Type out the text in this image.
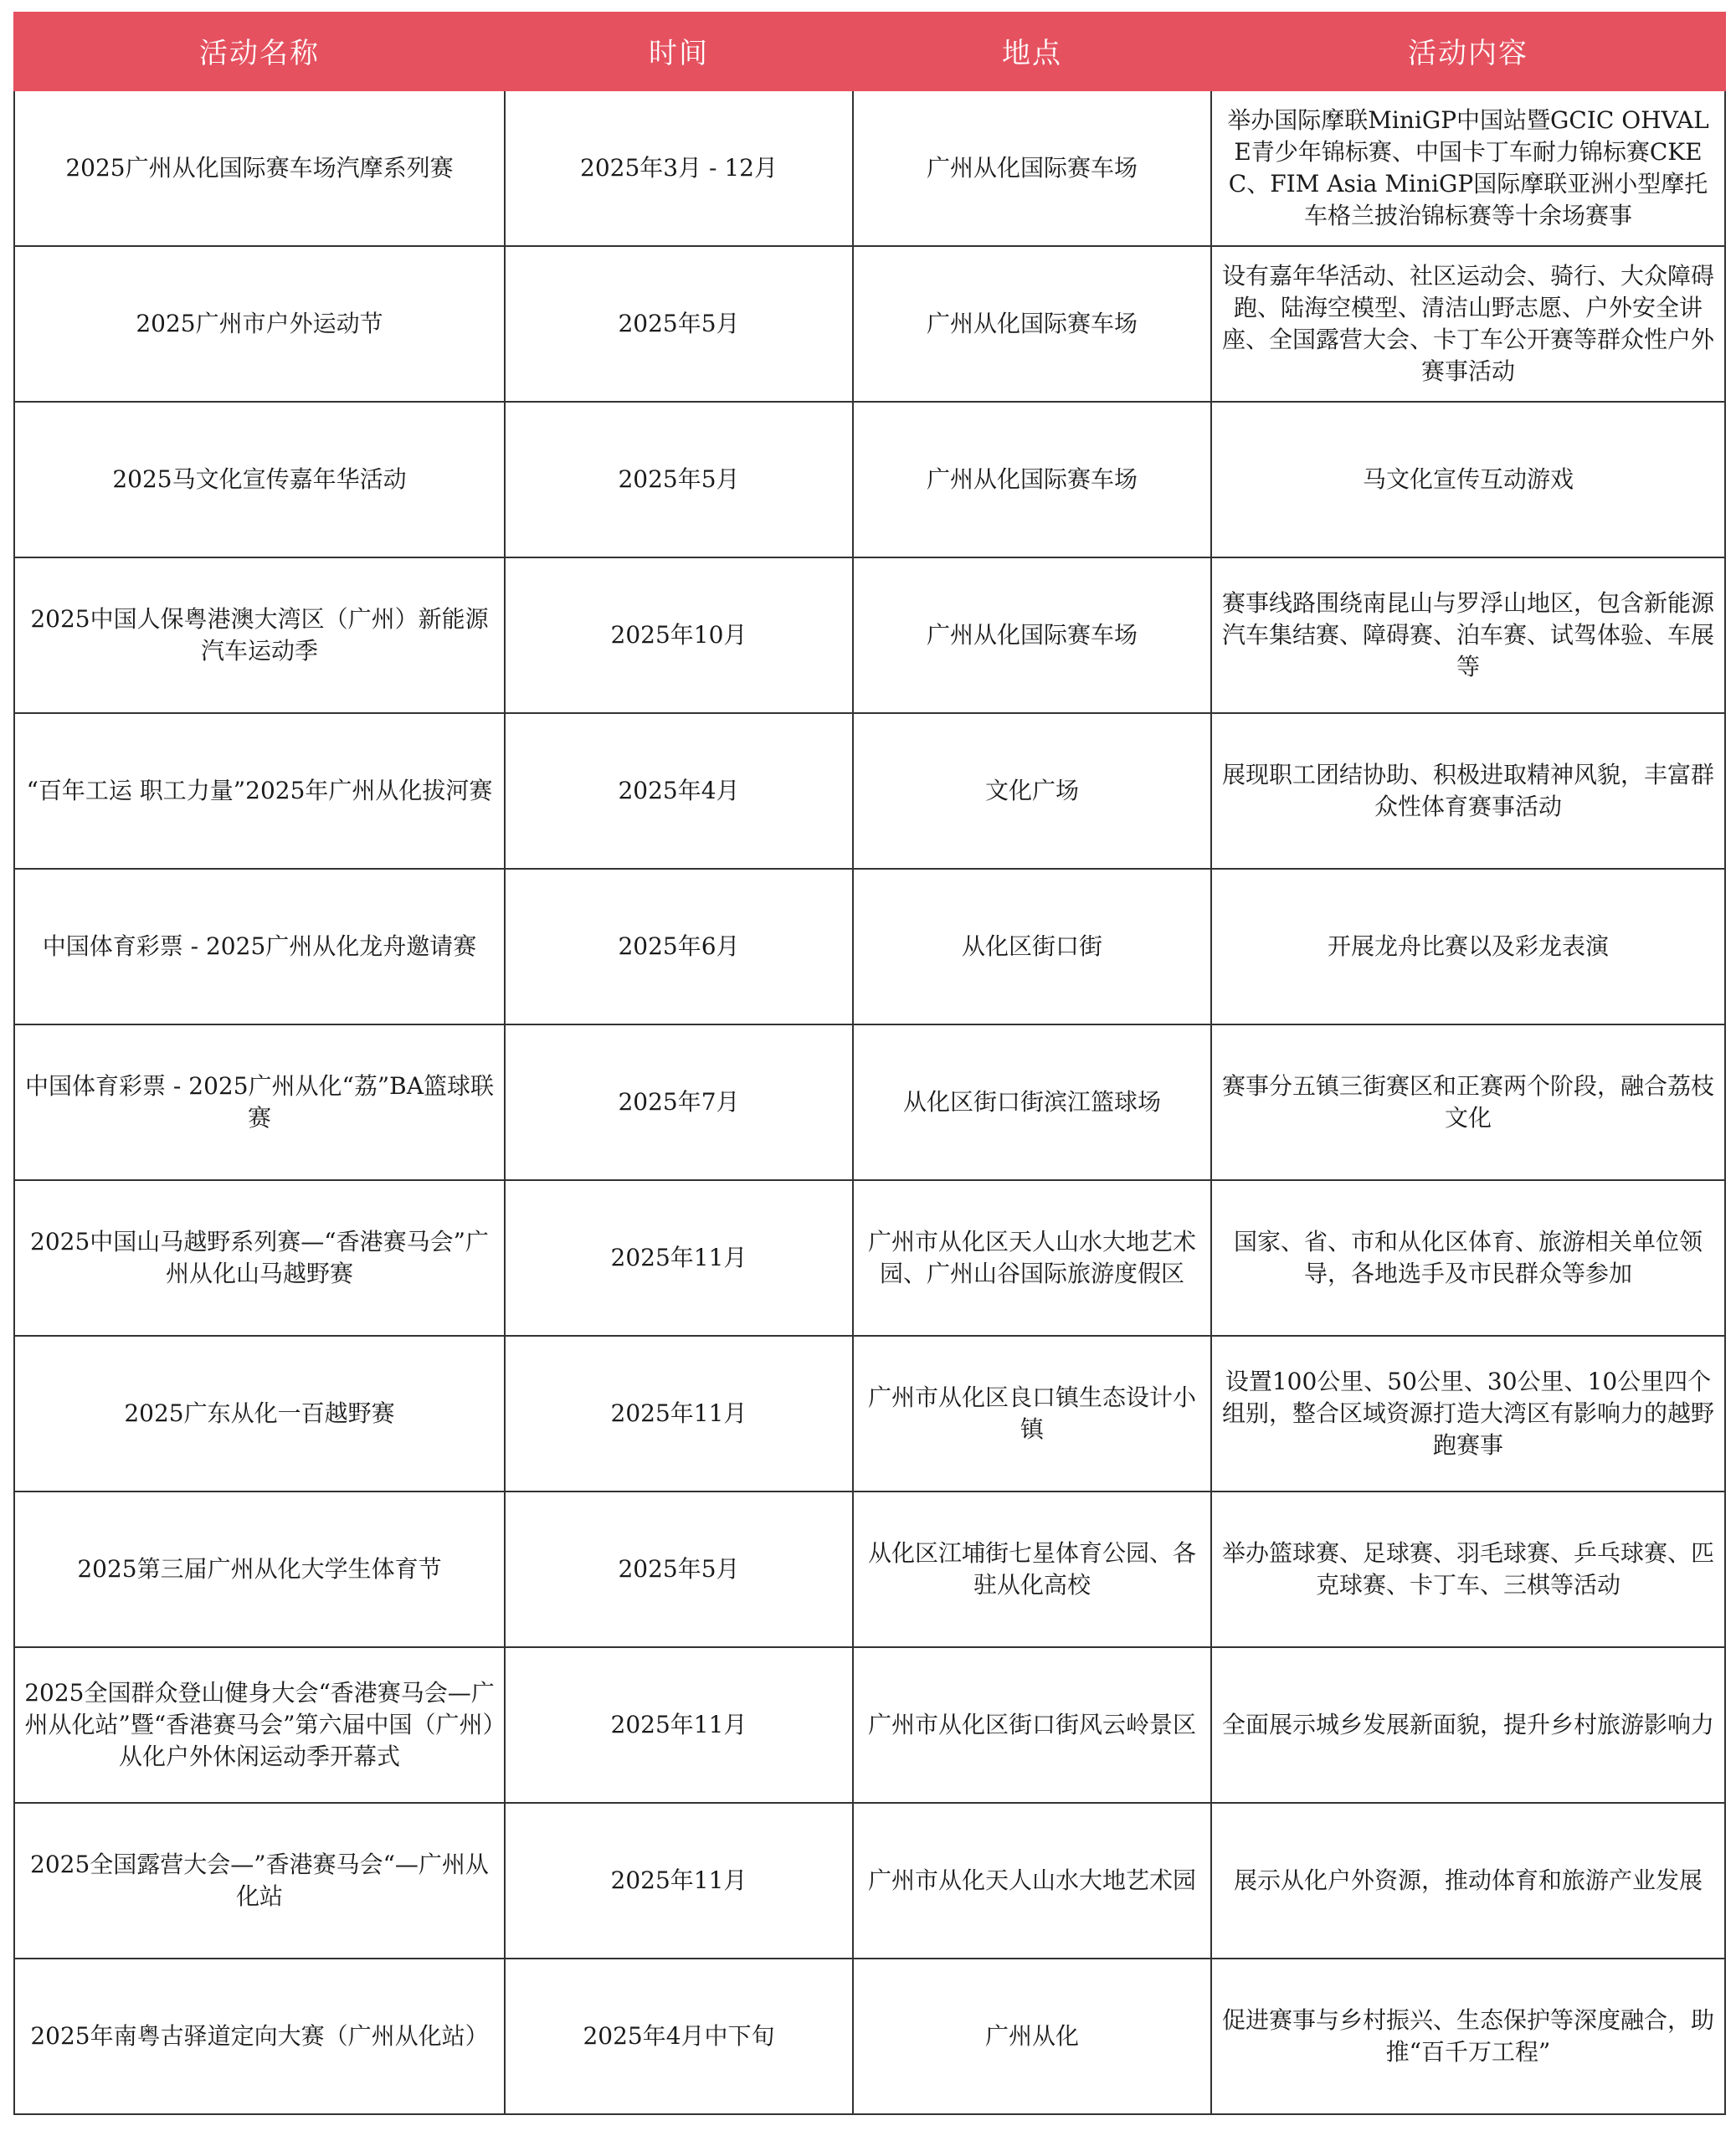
活动名称	时间	地点	活动内容
2025广州从化国际赛车场汽摩系列赛	2025年3月 - 12月	广州从化国际赛车场	举办国际摩联MiniGP中国站暨GCIC OHVALE青少年锦标赛、中国卡丁车耐力锦标赛CKEC、FIM Asia MiniGP国际摩联亚洲小型摩托车格兰披治锦标赛等十余场赛事
2025广州市户外运动节	2025年5月	广州从化国际赛车场	设有嘉年华活动、社区运动会、骑行、大众障碍跑、陆海空模型、清洁山野志愿、户外安全讲座、全国露营大会、卡丁车公开赛等群众性户外赛事活动
2025马文化宣传嘉年华活动	2025年5月	广州从化国际赛车场	马文化宣传互动游戏
2025中国人保粤港澳大湾区（广州）新能源汽车运动季	2025年10月	广州从化国际赛车场	赛事线路围绕南昆山与罗浮山地区，包含新能源汽车集结赛、障碍赛、泊车赛、试驾体验、车展等
“百年工运 职工力量”2025年广州从化拔河赛	2025年4月	文化广场	展现职工团结协助、积极进取精神风貌，丰富群众性体育赛事活动
中国体育彩票 - 2025广州从化龙舟邀请赛	2025年6月	从化区街口街	开展龙舟比赛以及彩龙表演
中国体育彩票 - 2025广州从化“荔”BA篮球联赛	2025年7月	从化区街口街滨江篮球场	赛事分五镇三街赛区和正赛两个阶段，融合荔枝文化
2025中国山马越野系列赛—“香港赛马会”广州从化山马越野赛	2025年11月	广州市从化区天人山水大地艺术园、广州山谷国际旅游度假区	国家、省、市和从化区体育、旅游相关单位领导，各地选手及市民群众等参加
2025广东从化一百越野赛	2025年11月	广州市从化区良口镇生态设计小镇	设置100公里、50公里、30公里、10公里四个组别，整合区域资源打造大湾区有影响力的越野跑赛事
2025第三届广州从化大学生体育节	2025年5月	从化区江埔街七星体育公园、各驻从化高校	举办篮球赛、足球赛、羽毛球赛、乒乓球赛、匹克球赛、卡丁车、三棋等活动
2025全国群众登山健身大会“香港赛马会—广州从化站”暨“香港赛马会”第六届中国（广州）从化户外休闲运动季开幕式	2025年11月	广州市从化区街口街风云岭景区	全面展示城乡发展新面貌，提升乡村旅游影响力
2025全国露营大会—”香港赛马会“—广州从化站	2025年11月	广州市从化天人山水大地艺术园	展示从化户外资源，推动体育和旅游产业发展
2025年南粤古驿道定向大赛（广州从化站）	2025年4月中下旬	广州从化	促进赛事与乡村振兴、生态保护等深度融合，助推“百千万工程”
